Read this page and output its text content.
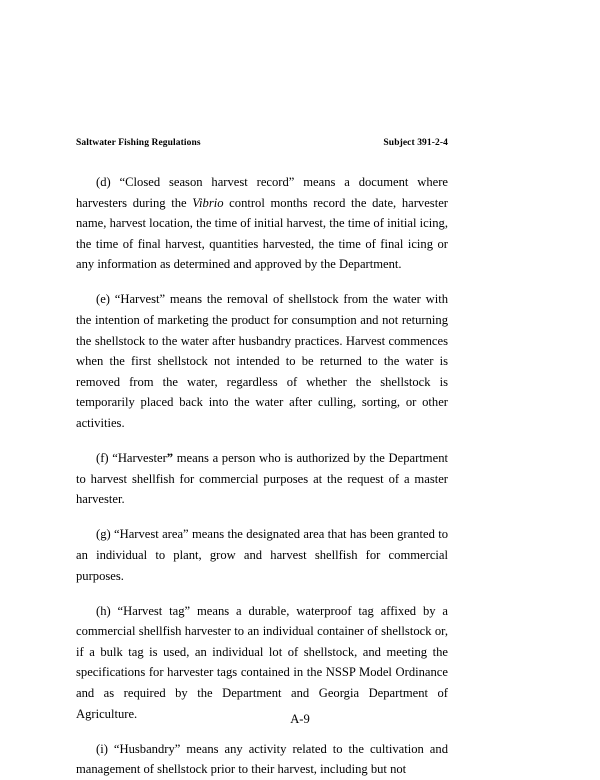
Saltwater Fishing Regulations	Subject 391-2-4

(d) “Closed season harvest record” means a document where harvesters during the Vibrio control months record the date, harvester name, harvest location, the time of initial harvest, the time of initial icing, the time of final harvest, quantities harvested, the time of final icing or any information as determined and approved by the Department.

(e) “Harvest” means the removal of shellstock from the water with the intention of marketing the product for consumption and not returning the shellstock to the water after husbandry practices. Harvest commences when the first shellstock not intended to be returned to the water is removed from the water, regardless of whether the shellstock is temporarily placed back into the water after culling, sorting, or other activities.

(f) “Harvester” means a person who is authorized by the Department to harvest shellfish for commercial purposes at the request of a master harvester.

(g) “Harvest area” means the designated area that has been granted to an individual to plant, grow and harvest shellfish for commercial purposes.

(h) “Harvest tag” means a durable, waterproof tag affixed by a commercial shellfish harvester to an individual container of shellstock or, if a bulk tag is used, an individual lot of shellstock, and meeting the specifications for harvester tags contained in the NSSP Model Ordinance and as required by the Department and Georgia Department of Agriculture.

(i) “Husbandry” means any activity related to the cultivation and management of shellstock prior to their harvest, including but not

A-9
